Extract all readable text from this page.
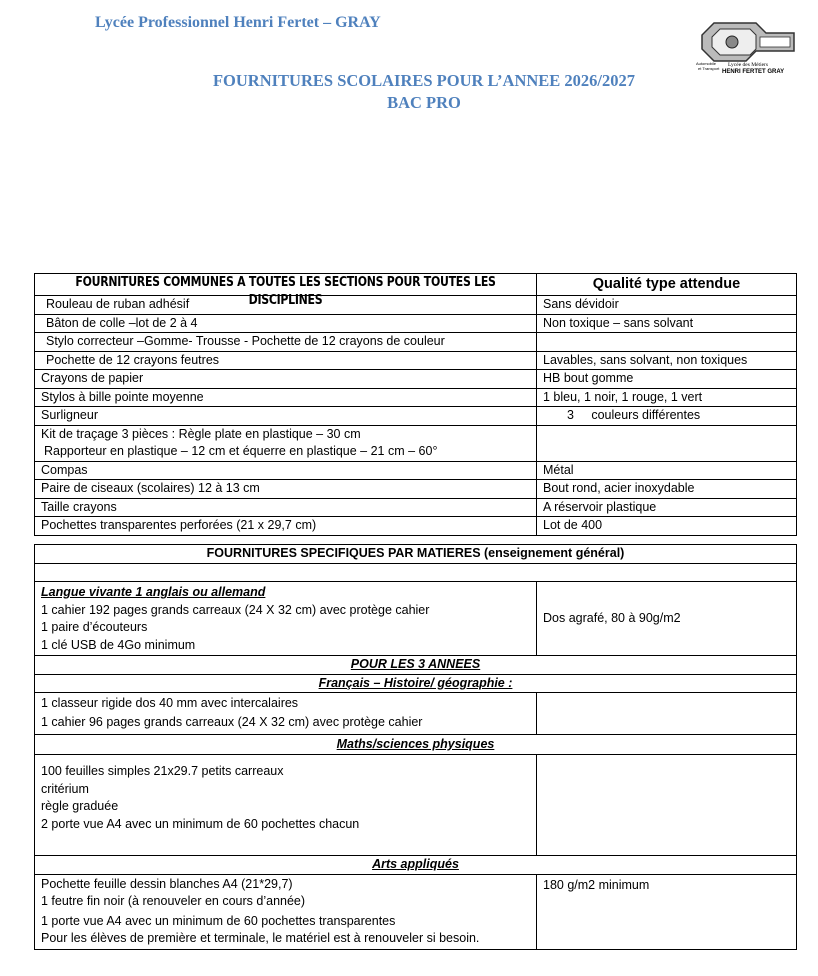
Lycée Professionnel Henri Fertet – GRAY
FOURNITURES SCOLAIRES POUR L’ANNEE 2026/2027
BAC PRO
Automobile
et Transport
Lycée des Métiers
HENRI FERTET GRAY
FOURNITURES COMMUNES A TOUTES LES SECTIONS POUR TOUTES LES DISCIPLINES	Qualité type attendue
Rouleau de ruban adhésif	Sans dévidoir
Bâton de colle –lot de 2 à 4	Non toxique – sans solvant
Stylo correcteur –Gomme- Trousse - Pochette de 12 crayons de couleur	
Pochette de 12 crayons feutres	Lavables, sans solvant, non toxiques
Crayons de papier	HB bout gomme
Stylos à bille pointe moyenne	1 bleu, 1 noir, 1 rouge, 1 vert
Surligneur	3     couleurs différentes

Kit de traçage 3 pièces : Règle plate en plastique – 30 cm
Rapporteur en plastique – 12 cm et équerre en plastique – 21 cm – 60°	

Compas	Métal
Paire de ciseaux (scolaires) 12 à 13 cm	Bout rond, acier inoxydable
Taille crayons	A réservoir plastique
Pochettes transparentes perforées (21 x 29,7 cm)	Lot de 400
FOURNITURES SPECIFIQUES PAR MATIERES (enseignement général)	

Langue vivante 1 anglais ou allemand
1 cahier 192 pages grands carreaux (24 X 32 cm) avec protège cahier
1 paire d’écouteurs
1 clé USB de 4Go minimum	Dos agrafé, 80 à 90g/m2
POUR LES 3 ANNEES	
Français – Histoire/ géographie :	

1 classeur rigide dos 40 mm avec intercalaires
1 cahier 96 pages grands carreaux (24 X 32 cm) avec protège cahier	

Maths/sciences physiques	

100 feuilles simples 21x29.7 petits carreaux
critérium
règle graduée
2 porte vue A4 avec un minimum de 60 pochettes chacun	

Arts appliqués	

Pochette feuille dessin blanches A4 (21*29,7)
1 feutre fin noir (à renouveler en cours d’année)
1 porte vue A4 avec un minimum de 60 pochettes transparentes
Pour les élèves de première et terminale, le matériel est à renouveler si besoin.	180 g/m2 minimum
